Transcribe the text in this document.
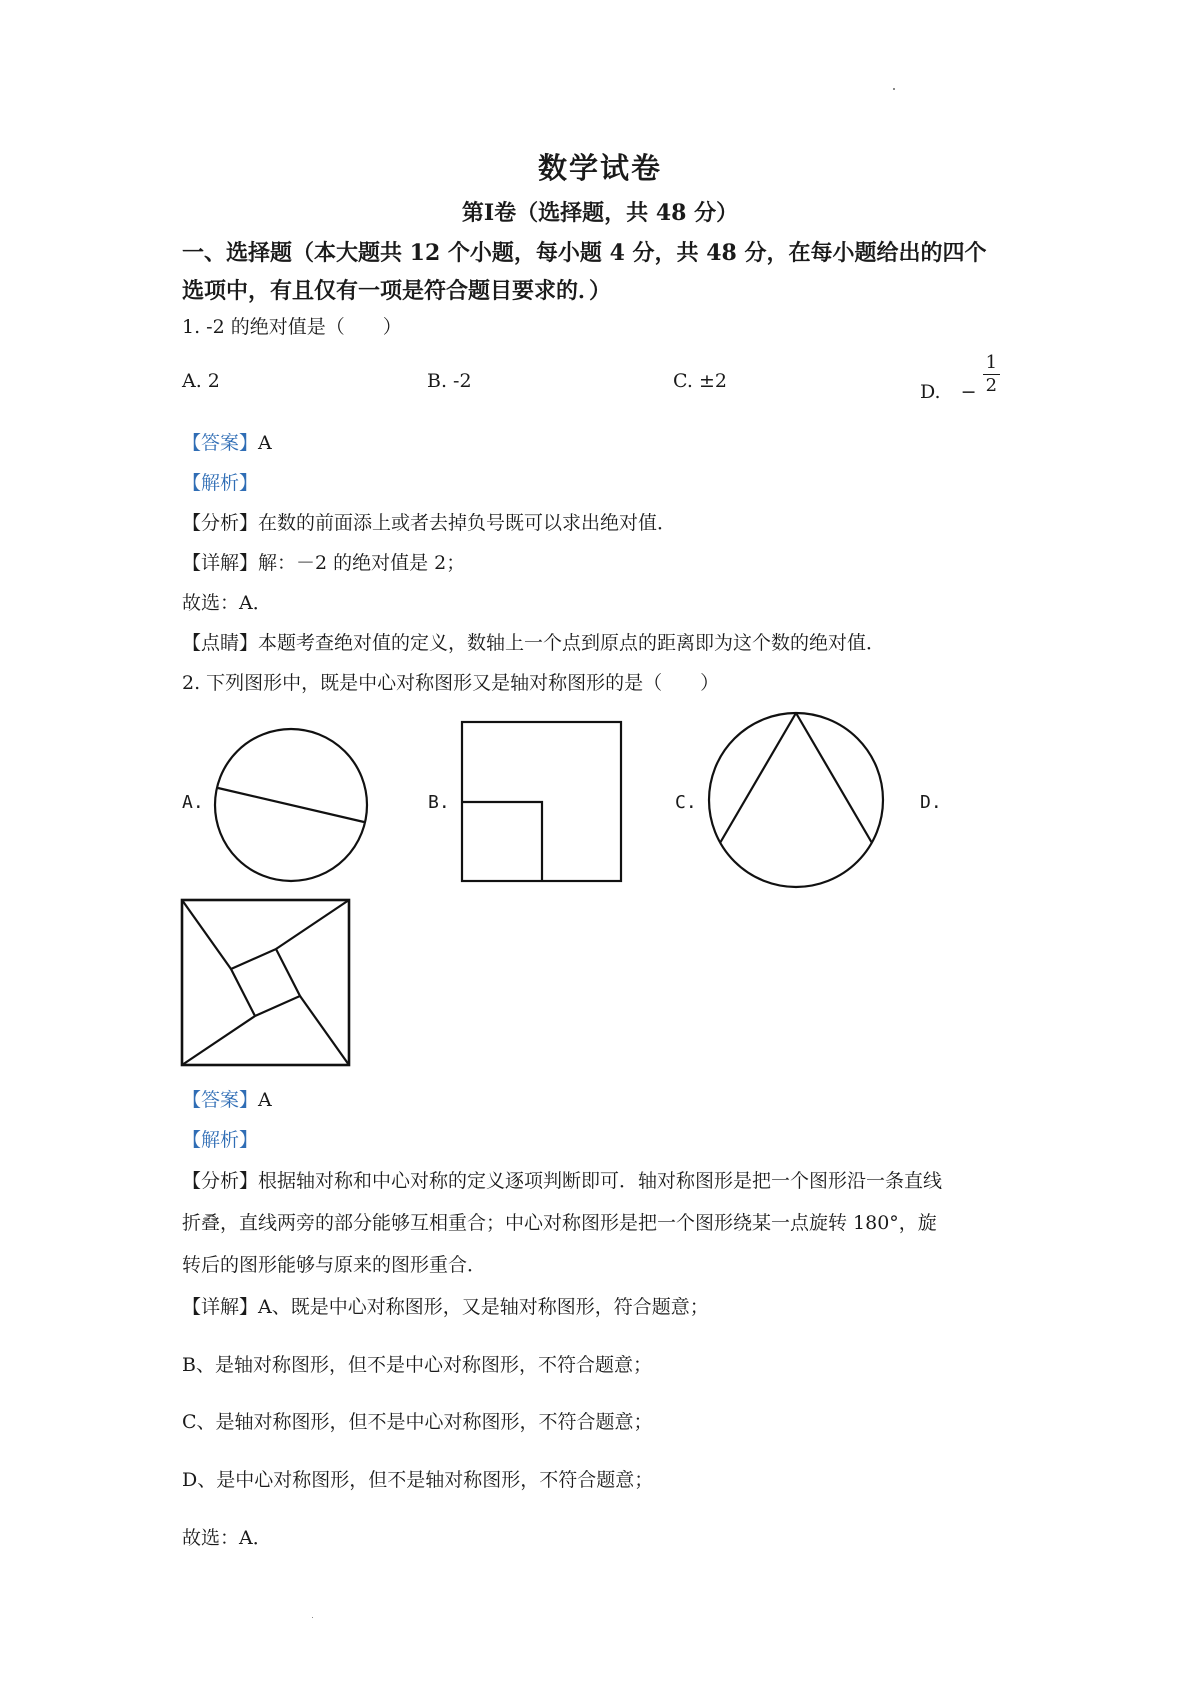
数学试卷
第Ⅰ卷（选择题，共 48 分）
一、选择题（本大题共 12 个小题，每小题 4 分，共 48 分，在每小题给出的四个
选项中，有且仅有一项是符合题目要求的．）
1. -2 的绝对值是（　　）
A. 2	B. -2	C. ±2	D. − $\frac{1}{2}$
【答案】A
【解析】
【分析】在数的前面添上或者去掉负号既可以求出绝对值．
【详解】解：－2 的绝对值是 2；
故选：A．
【点睛】本题考查绝对值的定义，数轴上一个点到原点的距离即为这个数的绝对值．
2. 下列图形中，既是中心对称图形又是轴对称图形的是（　　）
A.	B.	C.	D.
【答案】A
【解析】
【分析】根据轴对称和中心对称的定义逐项判断即可．轴对称图形是把一个图形沿一条直线
折叠，直线两旁的部分能够互相重合；中心对称图形是把一个图形绕某一点旋转 180°，旋
转后的图形能够与原来的图形重合．
【详解】A、既是中心对称图形，又是轴对称图形，符合题意；
B、是轴对称图形，但不是中心对称图形，不符合题意；
C、是轴对称图形，但不是中心对称图形，不符合题意；
D、是中心对称图形，但不是轴对称图形，不符合题意；
故选：A．
